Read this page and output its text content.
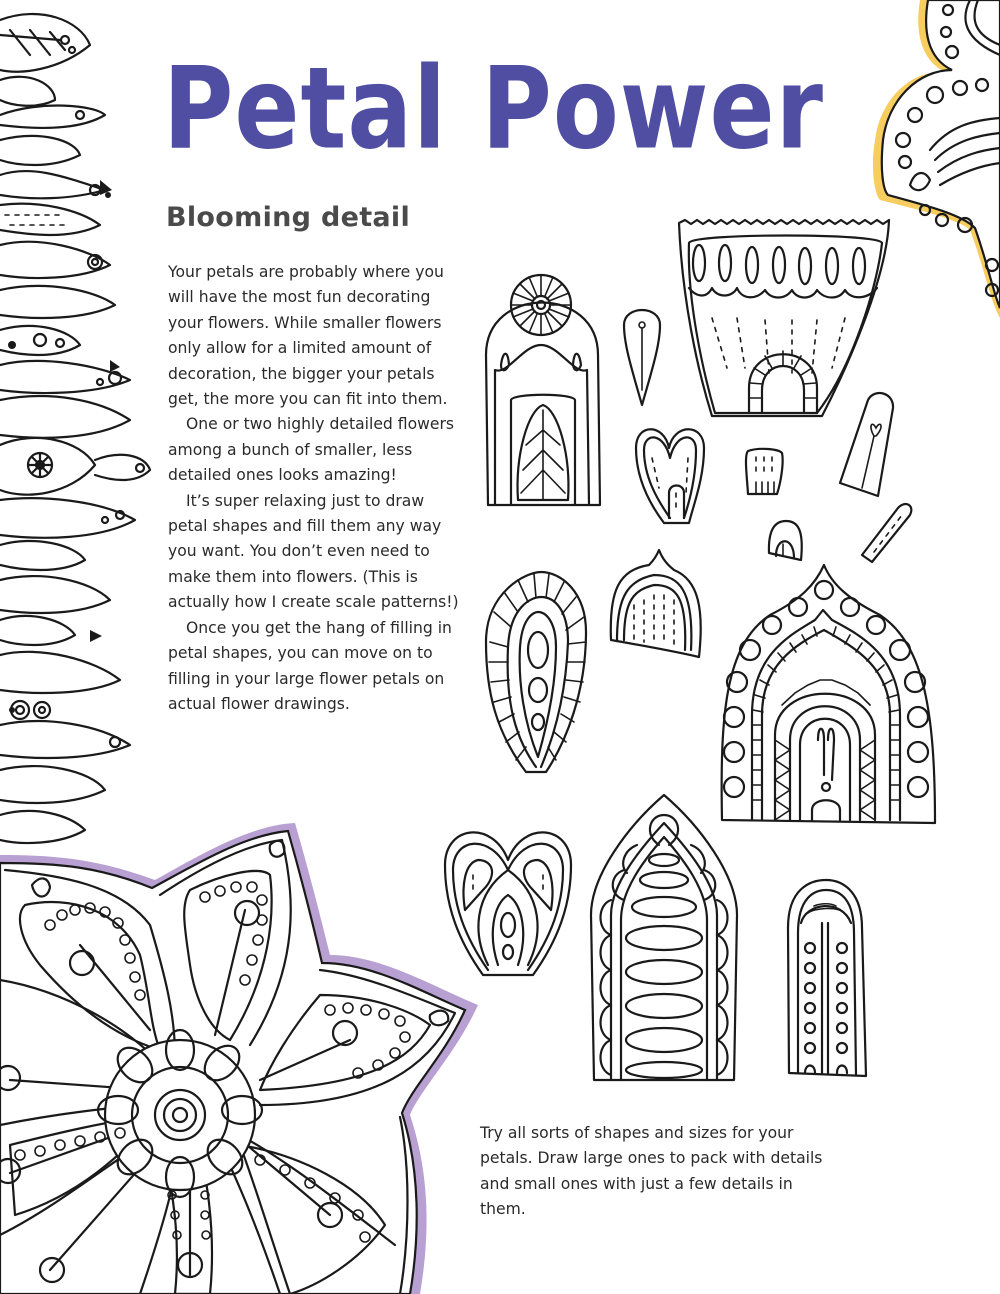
Petal Power
Blooming detail

Your petals are probably where you will have the most fun decorating your flowers. While smaller flowers only allow for a limited amount of decoration, the bigger your petals get, the more you can fit into them.

One or two highly detailed flowers among a bunch of smaller, less detailed ones looks amazing!

It’s super relaxing just to draw petal shapes and fill them any way you want. You don’t even need to make them into flowers. (This is actually how I create scale patterns!)

Once you get the hang of filling in petal shapes, you can move on to filling in your large flower petals on actual flower drawings.

Try all sorts of shapes and sizes for your petals. Draw large ones to pack with details and small ones with just a few details in them.
